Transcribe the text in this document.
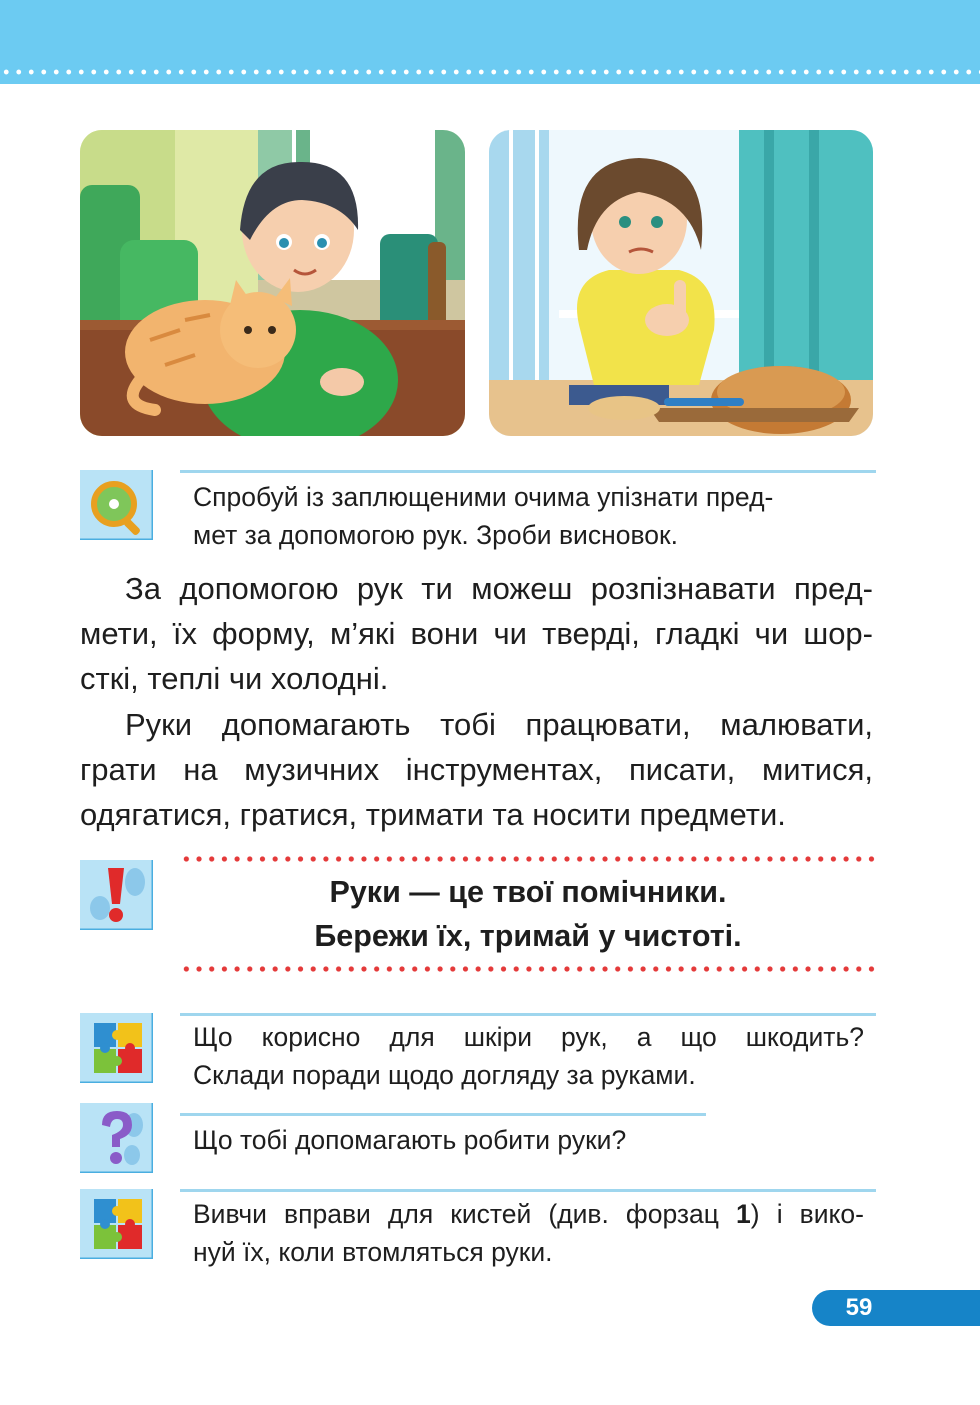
Спробуй із заплющеними очима упізнати пред-
мет за допомогою рук. Зроби висновок.
За допомогою рук ти можеш розпізнавати пред-
мети, їх форму, м’які вони чи тверді, гладкі чи шор-
сткі, теплі чи холодні.
Руки допомагають тобі працювати, малювати,
грати на музичних інструментах, писати, митися,
одягатися, гратися, тримати та носити предмети.
Руки — це твої помічники.
Бережи їх, тримай у чистоті.
Що корисно для шкіри рук, а що шкодить?
Склади поради щодо догляду за руками.
Що тобі допомагають робити руки?
Вивчи вправи для кистей (див. форзац 1) і вико-
нуй їх, коли втомляться руки.
59
